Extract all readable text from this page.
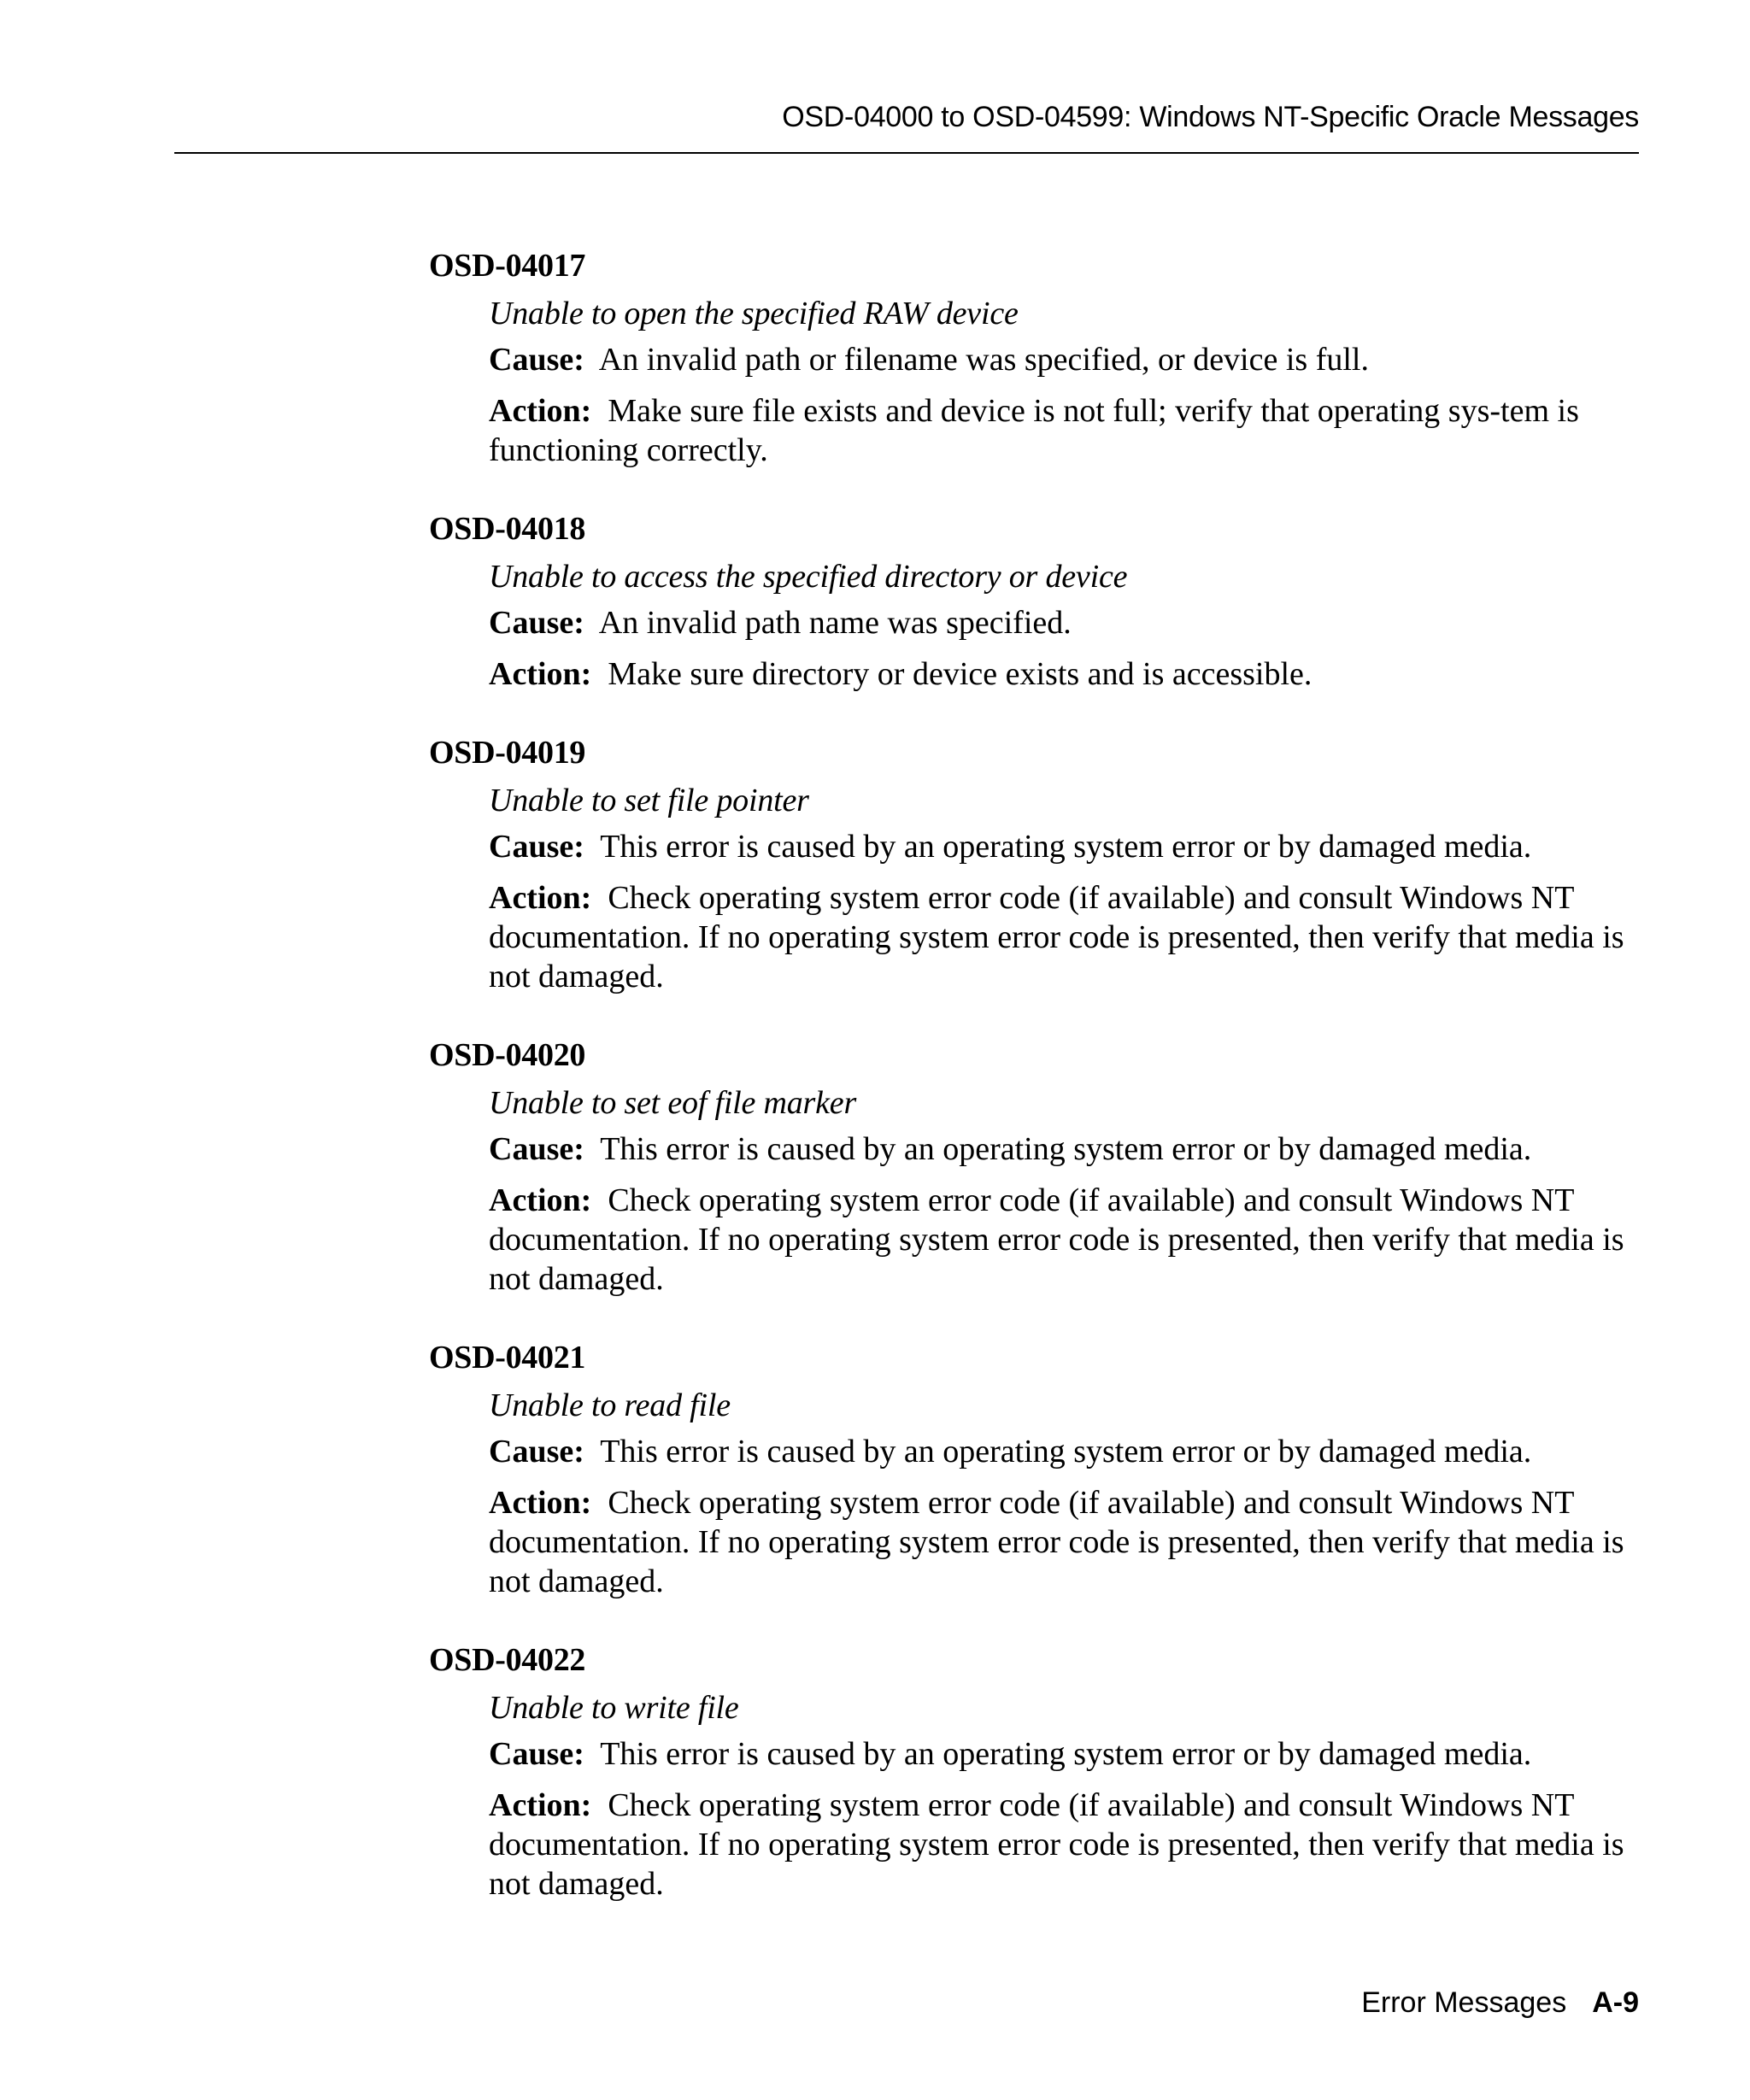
OSD-04000 to OSD-04599: Windows NT-Specific Oracle Messages
OSD-04017
Unable to open the specified RAW device
Cause: An invalid path or filename was specified, or device is full.
Action: Make sure file exists and device is not full; verify that operating sys-tem is functioning correctly.
OSD-04018
Unable to access the specified directory or device
Cause: An invalid path name was specified.
Action: Make sure directory or device exists and is accessible.
OSD-04019
Unable to set file pointer
Cause: This error is caused by an operating system error or by damaged media.
Action: Check operating system error code (if available) and consult Windows NT documentation. If no operating system error code is presented, then verify that media is not damaged.
OSD-04020
Unable to set eof file marker
Cause: This error is caused by an operating system error or by damaged media.
Action: Check operating system error code (if available) and consult Windows NT documentation. If no operating system error code is presented, then verify that media is not damaged.
OSD-04021
Unable to read file
Cause: This error is caused by an operating system error or by damaged media.
Action: Check operating system error code (if available) and consult Windows NT documentation. If no operating system error code is presented, then verify that media is not damaged.
OSD-04022
Unable to write file
Cause: This error is caused by an operating system error or by damaged media.
Action: Check operating system error code (if available) and consult Windows NT documentation. If no operating system error code is presented, then verify that media is not damaged.
Error Messages A-9
